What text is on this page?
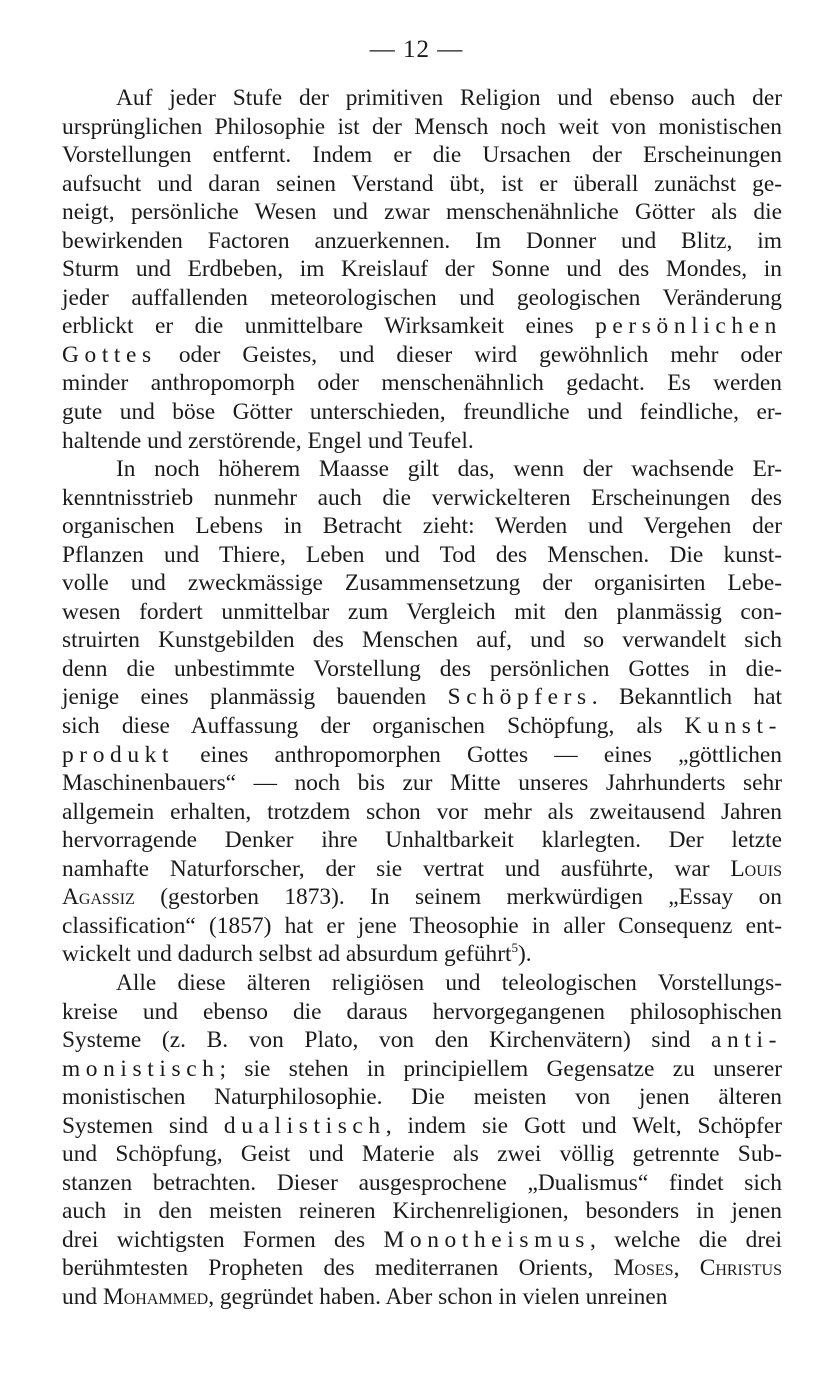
— 12 —
Auf jeder Stufe der primitiven Religion und ebenso auch der
ursprünglichen Philosophie ist der Mensch noch weit von monistischen
Vorstellungen entfernt. Indem er die Ursachen der Erscheinungen
aufsucht und daran seinen Verstand übt, ist er überall zunächst ge-
neigt, persönliche Wesen und zwar menschenähnliche Götter als die
bewirkenden Factoren anzuerkennen. Im Donner und Blitz, im
Sturm und Erdbeben, im Kreislauf der Sonne und des Mondes, in
jeder auffallenden meteorologischen und geologischen Veränderung
erblickt er die unmittelbare Wirksamkeit eines persönlichen
Gottes oder Geistes, und dieser wird gewöhnlich mehr oder
minder anthropomorph oder menschenähnlich gedacht. Es werden
gute und böse Götter unterschieden, freundliche und feindliche, er-
haltende und zerstörende, Engel und Teufel.
In noch höherem Maasse gilt das, wenn der wachsende Er-
kenntnisstrieb nunmehr auch die verwickelteren Erscheinungen des
organischen Lebens in Betracht zieht: Werden und Vergehen der
Pflanzen und Thiere, Leben und Tod des Menschen. Die kunst-
volle und zweckmässige Zusammensetzung der organisirten Lebe-
wesen fordert unmittelbar zum Vergleich mit den planmässig con-
struirten Kunstgebilden des Menschen auf, und so verwandelt sich
denn die unbestimmte Vorstellung des persönlichen Gottes in die-
jenige eines planmässig bauenden Schöpfers. Bekanntlich hat
sich diese Auffassung der organischen Schöpfung, als Kunst-
produkt eines anthropomorphen Gottes — eines „göttlichen
Maschinenbauers“ — noch bis zur Mitte unseres Jahrhunderts sehr
allgemein erhalten, trotzdem schon vor mehr als zweitausend Jahren
hervorragende Denker ihre Unhaltbarkeit klarlegten. Der letzte
namhafte Naturforscher, der sie vertrat und ausführte, war Louis
Agassiz (gestorben 1873). In seinem merkwürdigen „Essay on
classification“ (1857) hat er jene Theosophie in aller Consequenz ent-
wickelt und dadurch selbst ad absurdum geführt$^5$).
Alle diese älteren religiösen und teleologischen Vorstellungs-
kreise und ebenso die daraus hervorgegangenen philosophischen
Systeme (z. B. von Plato, von den Kirchenvätern) sind anti-
monistisch; sie stehen in principiellem Gegensatze zu unserer
monistischen Naturphilosophie. Die meisten von jenen älteren
Systemen sind dualistisch, indem sie Gott und Welt, Schöpfer
und Schöpfung, Geist und Materie als zwei völlig getrennte Sub-
stanzen betrachten. Dieser ausgesprochene „Dualismus“ findet sich
auch in den meisten reineren Kirchenreligionen, besonders in jenen
drei wichtigsten Formen des Monotheismus, welche die drei
berühmtesten Propheten des mediterranen Orients, Moses, Christus
und Mohammed, gegründet haben. Aber schon in vielen unreinen
